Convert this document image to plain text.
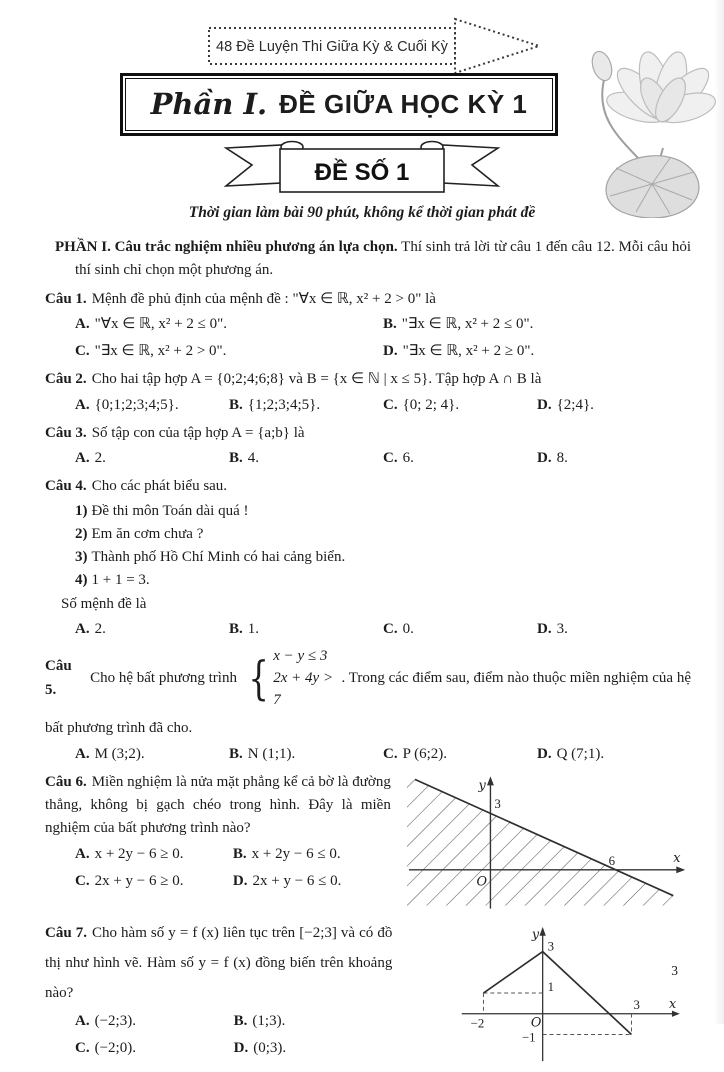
48 Đề Luyện Thi Giữa Kỳ & Cuối Kỳ
Phần I. ĐỀ GIỮA HỌC KỲ 1
ĐỀ SỐ 1
Thời gian làm bài 90 phút, không kể thời gian phát đề

PHẦN I. Câu trắc nghiệm nhiều phương án lựa chọn. Thí sinh trả lời từ câu 1 đến câu 12. Mỗi câu hỏi thí sinh chỉ chọn một phương án.

Câu 1. Mệnh đề phủ định của mệnh đề : "∀x ∈ ℝ, x² + 2 > 0" là

A. "∀x ∈ ℝ, x² + 2 ≤ 0".	B. "∃x ∈ ℝ, x² + 2 ≤ 0".
C. "∃x ∈ ℝ, x² + 2 > 0".	D. "∃x ∈ ℝ, x² + 2 ≥ 0".

Câu 2. Cho hai tập hợp A = {0;2;4;6;8} và B = {x ∈ ℕ | x ≤ 5}. Tập hợp A ∩ B là

A. {0;1;2;3;4;5}.	B. {1;2;3;4;5}.	C. {0; 2; 4}.	D. {2;4}.

Câu 3. Số tập con của tập hợp A = {a;b} là

A. 2.	B. 4.	C. 6.	D. 8.

Câu 4. Cho các phát biểu sau.

1) Đề thi môn Toán dài quá !

2) Em ăn cơm chưa ?

3) Thành phố Hồ Chí Minh có hai cảng biển.

4) 1 + 1 = 3.

Số mệnh đề là

A. 2.	B. 1.	C. 0.	D. 3.

Câu 5.
Cho hệ bất phương trình { x − y ≤ 3
2x + 4y > 7
. Trong các điểm sau, điểm nào thuộc miền nghiệm của hệ

bất phương trình đã cho.

A. M (3;2).	B. N (1;1).	C. P (6;2).	D. Q (7;1).

Câu 6. Miền nghiệm là nửa mặt phẳng kể cả bờ là đường thẳng, không bị gạch chéo trong hình. Đây là miền nghiệm của bất phương trình nào?

A. x + 2y − 6 ≥ 0.	B. x + 2y − 6 ≤ 0.
C. 2x + y − 6 ≥ 0.	D. 2x + y − 6 ≤ 0.
y
x
3
6
O

Câu 7. Cho hàm số y = f (x) liên tục trên [−2;3] và có đồ thị như hình vẽ. Hàm số y = f (x) đồng biến trên khoảng nào?

A. (−2;3).	B. (1;3).
C. (−2;0).	D. (0;3).
y
x
3
1
−2	O
3
−1
3
